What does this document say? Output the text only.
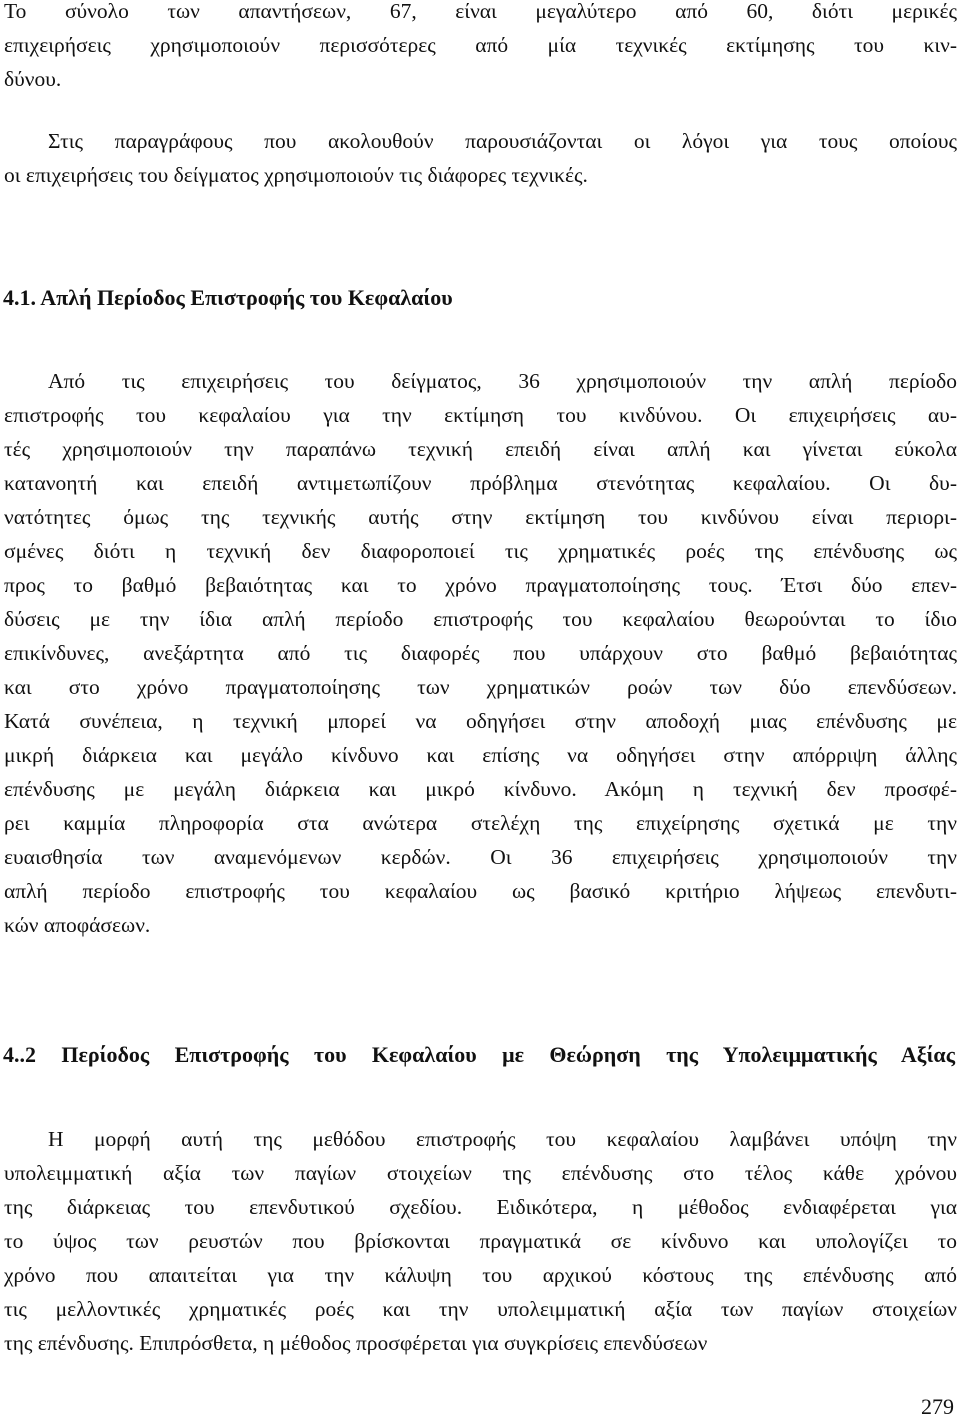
Το σύνολο των απαντήσεων, 67, είναι μεγαλύτερο από 60, διότι μερικές
επιχειρήσεις χρησιμοποιούν περισσότερες από μία τεχνικές εκτίμησης του κιν-
δύνου.
Στις παραγράφους που ακολουθούν παρουσιάζονται οι λόγοι για τους οποίους
οι επιχειρήσεις του δείγματος χρησιμοποιούν τις διάφορες τεχνικές.
4.1. Απλή Περίοδος Επιστροφής του Κεφαλαίου
Από τις επιχειρήσεις του δείγματος, 36 χρησιμοποιούν την απλή περίοδο
επιστροφής του κεφαλαίου για την εκτίμηση του κινδύνου. Οι επιχειρήσεις αυ-
τές χρησιμοποιούν την παραπάνω τεχνική επειδή είναι απλή και γίνεται εύκολα
κατανοητή και επειδή αντιμετωπίζουν πρόβλημα στενότητας κεφαλαίου. Οι δυ-
νατότητες όμως της τεχνικής αυτής στην εκτίμηση του κινδύνου είναι περιορι-
σμένες διότι η τεχνική δεν διαφοροποιεί τις χρηματικές ροές της επένδυσης ως
προς το βαθμό βεβαιότητας και το χρόνο πραγματοποίησης τους. Έτσι δύο επεν-
δύσεις με την ίδια απλή περίοδο επιστροφής του κεφαλαίου θεωρούνται το ίδιο
επικίνδυνες, ανεξάρτητα από τις διαφορές που υπάρχουν στο βαθμό βεβαιότητας
και στο χρόνο πραγματοποίησης των χρηματικών ροών των δύο επενδύσεων.
Κατά συνέπεια, η τεχνική μπορεί να οδηγήσει στην αποδοχή μιας επένδυσης με
μικρή διάρκεια και μεγάλο κίνδυνο και επίσης να οδηγήσει στην απόρριψη άλλης
επένδυσης με μεγάλη διάρκεια και μικρό κίνδυνο. Ακόμη η τεχνική δεν προσφέ-
ρει καμμία πληροφορία στα ανώτερα στελέχη της επιχείρησης σχετικά με την
ευαισθησία των αναμενόμενων κερδών. Οι 36 επιχειρήσεις χρησιμοποιούν την
απλή περίοδο επιστροφής του κεφαλαίου ως βασικό κριτήριο λήψεως επενδυτι-
κών αποφάσεων.
4..2 Περίοδος Επιστροφής του Κεφαλαίου με Θεώρηση της Υπολειμματικής Αξίας
Η μορφή αυτή της μεθόδου επιστροφής του κεφαλαίου λαμβάνει υπόψη την
υπολειμματική αξία των παγίων στοιχείων της επένδυσης στο τέλος κάθε χρόνου
της διάρκειας του επενδυτικού σχεδίου. Ειδικότερα, η μέθοδος ενδιαφέρεται για
το ύψος των ρευστών που βρίσκονται πραγματικά σε κίνδυνο και υπολογίζει το
χρόνο που απαιτείται για την κάλυψη του αρχικού κόστους της επένδυσης από
τις μελλοντικές χρηματικές ροές και την υπολειμματική αξία των παγίων στοιχείων
της επένδυσης. Επιπρόσθετα, η μέθοδος προσφέρεται για συγκρίσεις επενδύσεων
279
